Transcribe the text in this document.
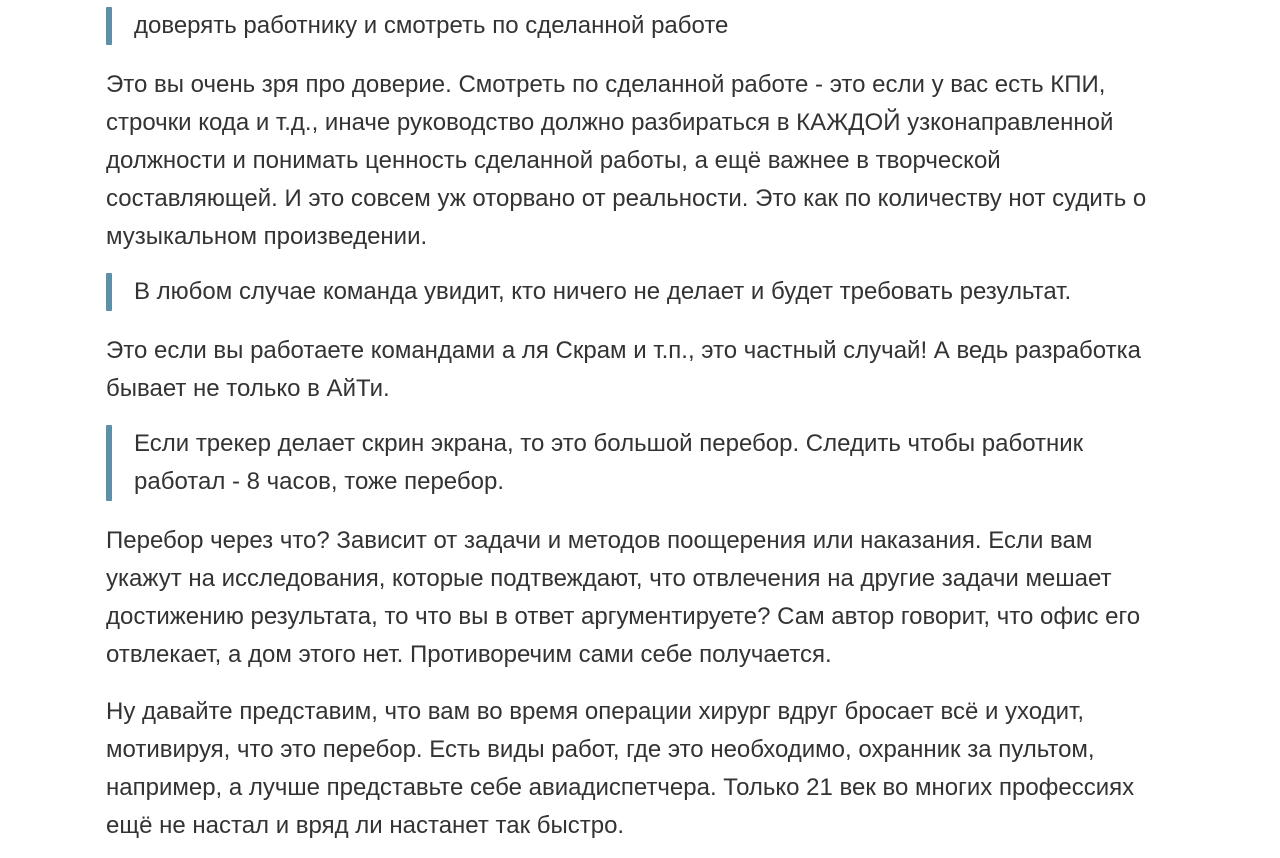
доверять работнику и смотреть по сделанной работе
Это вы очень зря про доверие. Смотреть по сделанной работе - это если у вас есть КПИ,
строчки кода и т.д., иначе руководство должно разбираться в КАЖДОЙ узконаправленной
должности и понимать ценность сделанной работы, а ещё важнее в творческой
составляющей. И это совсем уж оторвано от реальности. Это как по количеству нот судить о
музыкальном произведении.
В любом случае команда увидит, кто ничего не делает и будет требовать результат.
Это если вы работаете командами а ля Скрам и т.п., это частный случай! А ведь разработка
бывает не только в АйТи.
Если трекер делает скрин экрана, то это большой перебор. Следить чтобы работник
работал - 8 часов, тоже перебор.
Перебор через что? Зависит от задачи и методов поощерения или наказания. Если вам
укажут на исследования, которые подтвеждают, что отвлечения на другие задачи мешает
достижению результата, то что вы в ответ аргументируете? Сам автор говорит, что офис его
отвлекает, а дом этого нет. Противоречим сами себе получается.
Ну давайте представим, что вам во время операции хирург вдруг бросает всё и уходит,
мотивируя, что это перебор. Есть виды работ, где это необходимо, охранник за пультом,
например, а лучше представьте себе авиадиспетчера. Только 21 век во многих профессиях
ещё не настал и вряд ли настанет так быстро.
